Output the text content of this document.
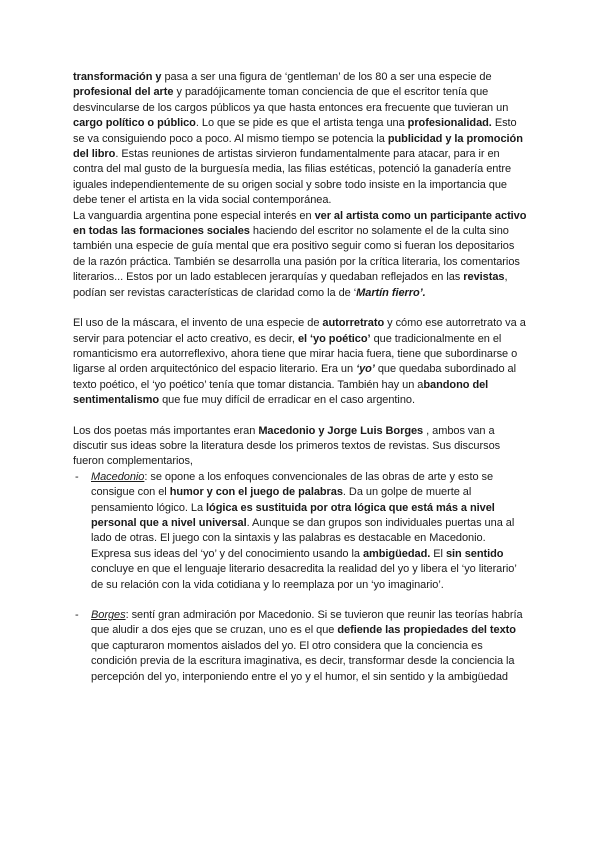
transformación y pasa a ser una figura de ‘gentleman’ de los 80 a ser una especie de profesional del arte y paradójicamente toman conciencia de que el escritor tenía que desvincularse de los cargos públicos ya que hasta entonces era frecuente que tuvieran un cargo político o público. Lo que se pide es que el artista tenga una profesionalidad. Esto se va consiguiendo poco a poco. Al mismo tiempo se potencia la publicidad y la promoción del libro. Estas reuniones de artistas sirvieron fundamentalmente para atacar, para ir en contra del mal gusto de la burguesía media, las filias estéticas, potenció la ganadería entre iguales independientemente de su origen social y sobre todo insiste en la importancia que debe tener el artista en la vida social contemporánea.

La vanguardia argentina pone especial interés en ver al artista como un participante activo en todas las formaciones sociales haciendo del escritor no solamente el de la culta sino también una especie de guía mental que era positivo seguir como si fueran los depositarios de la razón práctica. También se desarrolla una pasión por la crítica literaria, los comentarios literarios... Estos por un lado establecen jerarquías y quedaban reflejados en las revistas, podían ser revistas características de claridad como la de ‘Martín fierro’.

El uso de la máscara, el invento de una especie de autorretrato y cómo ese autorretrato va a servir para potenciar el acto creativo, es decir, el ‘yo poético’ que tradicionalmente en el romanticismo era autorreflexivo, ahora tiene que mirar hacia fuera, tiene que subordinarse o ligarse al orden arquitectónico del espacio literario. Era un ‘yo’ que quedaba subordinado al texto poético, el ‘yo poético’ tenía que tomar distancia. También hay un abandono del sentimentalismo que fue muy difícil de erradicar en el caso argentino.

Los dos poetas más importantes eran Macedonio y Jorge Luis Borges , ambos van a discutir sus ideas sobre la literatura desde los primeros textos de revistas. Sus discursos fueron complementarios,

- Macedonio: se opone a los enfoques convencionales de las obras de arte y esto se consigue con el humor y con el juego de palabras. Da un golpe de muerte al pensamiento lógico. La lógica es sustituida por otra lógica que está más a nivel personal que a nivel universal. Aunque se dan grupos son individuales puertas una al lado de otras. El juego con la sintaxis y las palabras es destacable en Macedonio. Expresa sus ideas del ‘yo’ y del conocimiento usando la ambigüedad. El sin sentido concluye en que el lenguaje literario desacredita la realidad del yo y libera el ‘yo literario’ de su relación con la vida cotidiana y lo reemplaza por un ‘yo imaginario’.

- Borges: sentí gran admiración por Macedonio. Si se tuvieron que reunir las teorías habría que aludir a dos ejes que se cruzan, uno es el que defiende las propiedades del texto que capturaron momentos aislados del yo. El otro considera que la conciencia es condición previa de la escritura imaginativa, es decir, transformar desde la conciencia la percepción del yo, interponiendo entre el yo y el humor, el sin sentido y la ambigüedad
